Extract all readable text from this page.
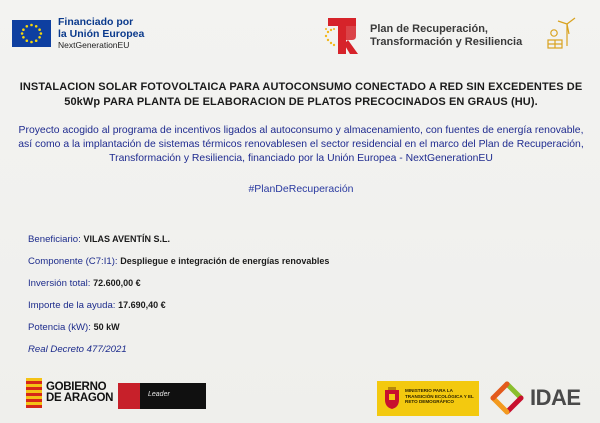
Financiado por
la Unión Europea
NextGenerationEU
Plan de Recuperación,
Transformación y Resiliencia
INSTALACION SOLAR FOTOVOLTAICA PARA AUTOCONSUMO CONECTADO A RED SIN EXCEDENTES DE 50kWp PARA PLANTA DE ELABORACION DE PLATOS PRECOCINADOS EN GRAUS (HU).
Proyecto acogido al programa de incentivos ligados al autoconsumo y almacenamiento, con fuentes de energía renovable, así como a la implantación de sistemas térmicos renovablesen el sector residencial en el marco del Plan de Recuperación, Transformación y Resiliencia, financiado por la Unión Europea - NextGenerationEU
#PlanDeRecuperación
Beneficiario: VILAS AVENTÍN S.L.
Componente (C7:I1): Despliegue e integración de energías renovables
Inversión total: 72.600,00 €
Importe de la ayuda: 17.690,40 €
Potencia (kW): 50 kW
Real Decreto 477/2021
GOBIERNO
DE ARAGON	Leader
MINISTERIO PARA LA TRANSICIÓN ECOLÓGICA Y EL RETO DEMOGRÁFICO	IDAE
